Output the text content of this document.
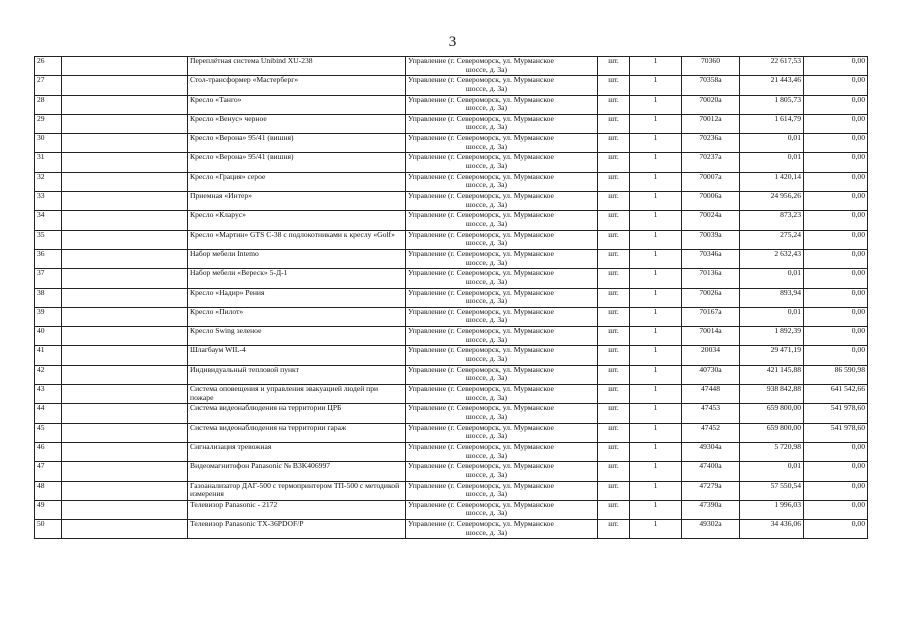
3
26		Переплётная система Unibind XU-238	Управление (г. Североморск, ул. Мурманское
шоссе, д. 3а)	шт.	1	70360	22 617,53	0,00
27		Стол-трансформер «Мастерберг»	Управление (г. Североморск, ул. Мурманское
шоссе, д. 3а)	шт.	1	70358а	21 443,46	0,00
28		Кресло «Танго»	Управление (г. Североморск, ул. Мурманское
шоссе, д. 3а)	шт.	1	70020а	1 805,73	0,00
29		Кресло «Венус» черное	Управление (г. Североморск, ул. Мурманское
шоссе, д. 3а)	шт.	1	70012а	1 614,79	0,00
30		Кресло «Верона» 95/41 (вишня)	Управление (г. Североморск, ул. Мурманское
шоссе, д. 3а)	шт.	1	70236а	0,01	0,00
31		Кресло «Верона» 95/41 (вишня)	Управление (г. Североморск, ул. Мурманское
шоссе, д. 3а)	шт.	1	70237а	0,01	0,00
32		Кресло «Грация» серое	Управление (г. Североморск, ул. Мурманское
шоссе, д. 3а)	шт.	1	70007а	1 420,14	0,00
33		Приемная «Интер»	Управление (г. Североморск, ул. Мурманское
шоссе, д. 3а)	шт.	1	70006а	24 956,26	0,00
34		Кресло «Кларус»	Управление (г. Североморск, ул. Мурманское
шоссе, д. 3а)	шт.	1	70024а	873,23	0,00
35		Кресло «Мартин» GTS С-38 с подлокотниками к креслу «Golf»	Управление (г. Североморск, ул. Мурманское
шоссе, д. 3а)	шт.	1	70039а	275,24	0,00
36		Набор мебели Intemo	Управление (г. Североморск, ул. Мурманское
шоссе, д. 3а)	шт.	1	70346а	2 632,43	0,00
37		Набор мебели «Вереск» 5-Д-1	Управление (г. Североморск, ул. Мурманское
шоссе, д. 3а)	шт.	1	70136а	0,01	0,00
38		Кресло «Надир» Рения	Управление (г. Североморск, ул. Мурманское
шоссе, д. 3а)	шт.	1	70026а	893,94	0,00
39		Кресло «Пилот»	Управление (г. Североморск, ул. Мурманское
шоссе, д. 3а)	шт.	1	70167а	0,01	0,00
40		Кресло Swing зеленое	Управление (г. Североморск, ул. Мурманское
шоссе, д. 3а)	шт.	1	70014а	1 892,39	0,00
41		Шлагбаум WIL-4	Управление (г. Североморск, ул. Мурманское
шоссе, д. 3а)	шт.	1	20034	29 471,19	0,00
42		Индивидуальный тепловой пункт	Управление (г. Североморск, ул. Мурманское
шоссе, д. 3а)	шт.	1	40730а	421 145,88	86 590,98
43		Система оповещения и управления эвакуацией людей при пожаре	Управление (г. Североморск, ул. Мурманское
шоссе, д. 3а)	шт.	1	47448	938 842,88	641 542,66
44		Система видеонаблюдения на территории ЦРБ	Управление (г. Североморск, ул. Мурманское
шоссе, д. 3а)	шт.	1	47453	659 800,00	541 978,60
45		Система видеонаблюдения на территории гараж	Управление (г. Североморск, ул. Мурманское
шоссе, д. 3а)	шт.	1	47452	659 800,00	541 978,60
46		Сигнализация тревожная	Управление (г. Североморск, ул. Мурманское
шоссе, д. 3а)	шт.	1	49304а	5 720,98	0,00
47		Видеомагнитофон Panasonic № B3K406997	Управление (г. Североморск, ул. Мурманское
шоссе, д. 3а)	шт.	1	47400а	0,01	0,00
48		Газоанализатор ДАГ-500 с термопринтером ТП-500 с методикой измерения	Управление (г. Североморск, ул. Мурманское
шоссе, д. 3а)	шт.	1	47279а	57 550,54	0,00
49		Телевизор Panasonic - 2172	Управление (г. Североморск, ул. Мурманское
шоссе, д. 3а)	шт.	1	47390а	1 996,03	0,00
50		Телевизор Panasonic TX-36PDOF/P	Управление (г. Североморск, ул. Мурманское
шоссе, д. 3а)	шт.	1	49302а	34 436,06	0,00
